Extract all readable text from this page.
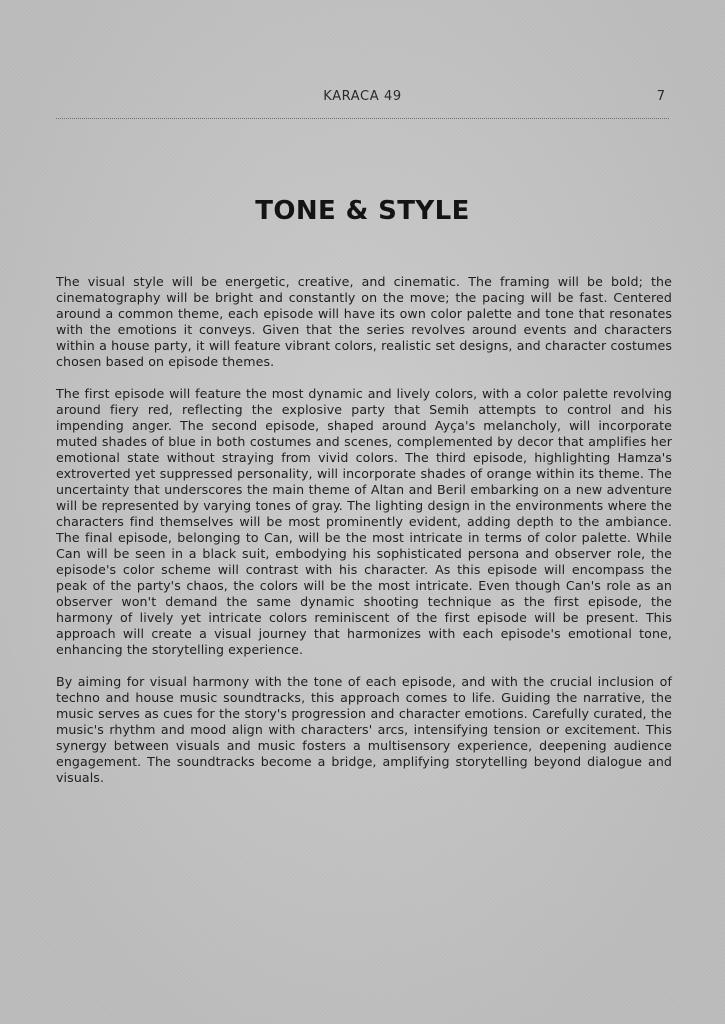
KARACA 49	7
TONE & STYLE

The visual style will be energetic, creative, and cinematic. The framing will be bold; the cinematography will be bright and constantly on the move; the pacing will be fast. Centered around a common theme, each episode will have its own color palette and tone that resonates with the emotions it conveys. Given that the series revolves around events and characters within a house party, it will feature vibrant colors, realistic set designs, and character costumes chosen based on episode themes.

The first episode will feature the most dynamic and lively colors, with a color palette revolving around fiery red, reflecting the explosive party that Semih attempts to control and his impending anger. The second episode, shaped around Ayça's melancholy, will incorporate muted shades of blue in both costumes and scenes, complemented by decor that amplifies her emotional state without straying from vivid colors. The third episode, highlighting Hamza's extroverted yet suppressed personality, will incorporate shades of orange within its theme. The uncertainty that underscores the main theme of Altan and Beril embarking on a new adventure will be represented by varying tones of gray. The lighting design in the environments where the characters find themselves will be most prominently evident, adding depth to the ambiance. The final episode, belonging to Can, will be the most intricate in terms of color palette. While Can will be seen in a black suit, embodying his sophisticated persona and observer role, the episode's color scheme will contrast with his character. As this episode will encompass the peak of the party's chaos, the colors will be the most intricate. Even though Can's role as an observer won't demand the same dynamic shooting technique as the first episode, the harmony of lively yet intricate colors reminiscent of the first episode will be present. This approach will create a visual journey that harmonizes with each episode's emotional tone, enhancing the storytelling experience.

By aiming for visual harmony with the tone of each episode, and with the crucial inclusion of techno and house music soundtracks, this approach comes to life. Guiding the narrative, the music serves as cues for the story's progression and character emotions. Carefully curated, the music's rhythm and mood align with characters' arcs, intensifying tension or excitement. This synergy between visuals and music fosters a multisensory experience, deepening audience engagement. The soundtracks become a bridge, amplifying storytelling beyond dialogue and visuals.
